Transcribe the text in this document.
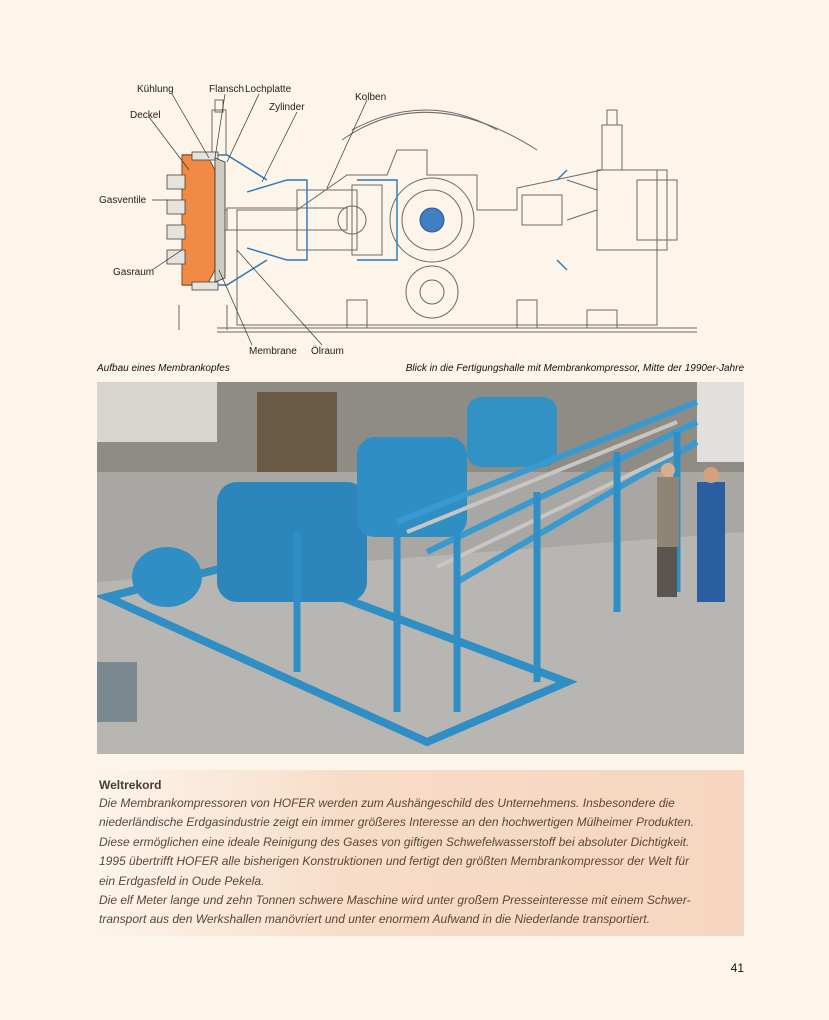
Kühlung	Flansch Lochplatte
Zylinder
Kolben
Deckel
Gasventile
Gasraum
Membrane Ölraum
Aufbau eines Membrankopfes	Blick in die Fertigungshalle mit Membrankompressor, Mitte der 1990er-Jahre
Weltrekord
Die Membrankompressoren von HOFER werden zum Aushängeschild des Unternehmens. Insbesondere die
niederländische Erdgasindustrie zeigt ein immer größeres Interesse an den hochwertigen Mülheimer Produkten.
Diese ermöglichen eine ideale Reinigung des Gases von giftigen Schwefelwasserstoff bei absoluter Dichtigkeit.
1995 übertrifft HOFER alle bisherigen Konstruktionen und fertigt den größten Membrankompressor der Welt für
ein Erdgasfeld in Oude Pekela.
Die elf Meter lange und zehn Tonnen schwere Maschine wird unter großem Presseinteresse mit einem Schwer-
transport aus den Werkshallen manövriert und unter enormem Aufwand in die Niederlande transportiert.
41
